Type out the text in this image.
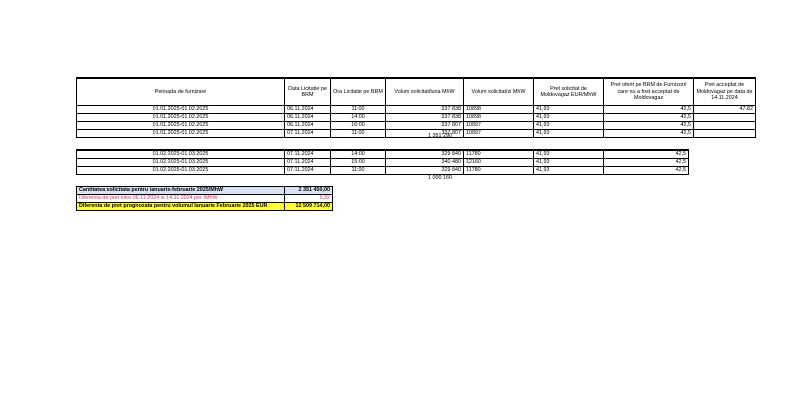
Perioada de furnizare	Data Licitatie pe BRM	Ora Licitatie pe BRM	Volum solicitat/luna MhW	Volum solicitat/zi MhW	Pret solicitat de Moldovagaz EUR/MhW	Pret oferit pe BRM de Furnizori/ care nu a fost acceptat de Moldovagaz	Pret acceptat de Moldovagaz pe data de 14.11.2024
01.01.2025-01.02.2025	06.11.2024	11:00	337 838	10898	41,93	42,5	47,82
01.01.2025-01.02.2025	06.11.2024	14:00	337 838	10898	41,93	42,5	
01.01.2025-01.02.2025	06.11.2024	16:00	337 807	10897	41,93	42,5	
01.01.2025-01.02.2025	07.11.2024	11:00	337 807	10897	41,93	42,5	
1 351 290
01.02.2025-01.03.2025	07.11.2024	14:00	329 840	11780	41,93	42,5
01.02.2025-01.03.2025	07.11.2024	15:00	340 480	12160	41,93	42,5
01.02.2025-01.03.2025	07.11.2024	11:00	329 840	11780	41,93	42,5
1 000 160
Cantitatea solicitata pentru ianuarie-februarie 2025/MhW	2 351 450,00
Diferenta de pret intre 06.11.2024 si 14.11.2024 per /MhW	5,32
Diferenta de pret prognozata pentru volumul Ianuarie Februarie 2025 EUR	12 509 714,00
